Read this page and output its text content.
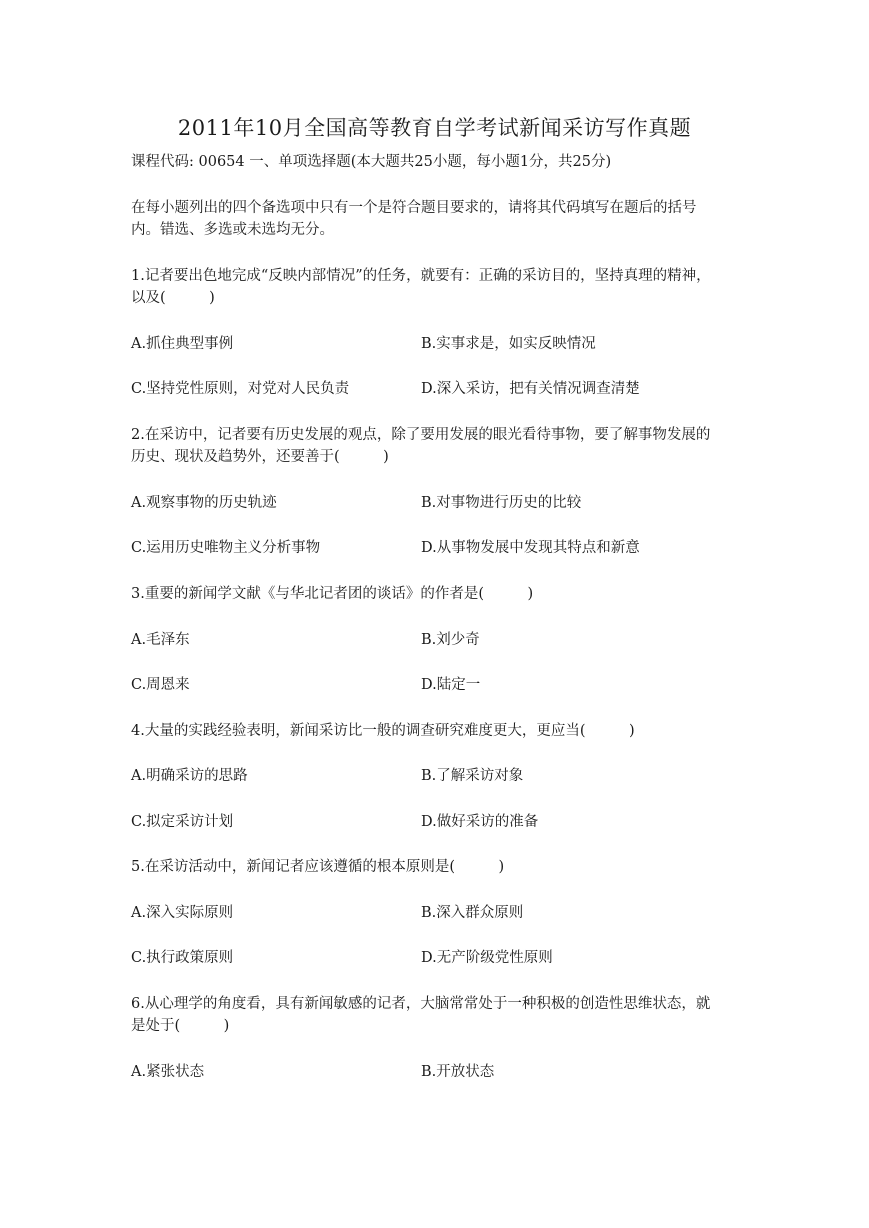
2011年10月全国高等教育自学考试新闻采访写作真题
课程代码: 00654 一、单项选择题(本大题共25小题，每小题1分，共25分)
在每小题列出的四个备选项中只有一个是符合题目要求的，请将其代码填写在题后的括号
内。错选、多选或未选均无分。
1.记者要出色地完成“反映内部情况”的任务，就要有：正确的采访目的，坚持真理的精神，
以及(　　　)
A.抓住典型事例	B.实事求是，如实反映情况
C.坚持党性原则，对党对人民负责	D.深入采访，把有关情况调查清楚
2.在采访中，记者要有历史发展的观点，除了要用发展的眼光看待事物，要了解事物发展的
历史、现状及趋势外，还要善于(　　　)
A.观察事物的历史轨迹	B.对事物进行历史的比较
C.运用历史唯物主义分析事物	D.从事物发展中发现其特点和新意
3.重要的新闻学文献《与华北记者团的谈话》的作者是(　　　)
A.毛泽东	B.刘少奇
C.周恩来	D.陆定一
4.大量的实践经验表明，新闻采访比一般的调查研究难度更大，更应当(　　　)
A.明确采访的思路	B.了解采访对象
C.拟定采访计划	D.做好采访的准备
5.在采访活动中，新闻记者应该遵循的根本原则是(　　　)
A.深入实际原则	B.深入群众原则
C.执行政策原则	D.无产阶级党性原则
6.从心理学的角度看，具有新闻敏感的记者，大脑常常处于一种积极的创造性思维状态，就
是处于(　　　)
A.紧张状态	B.开放状态
